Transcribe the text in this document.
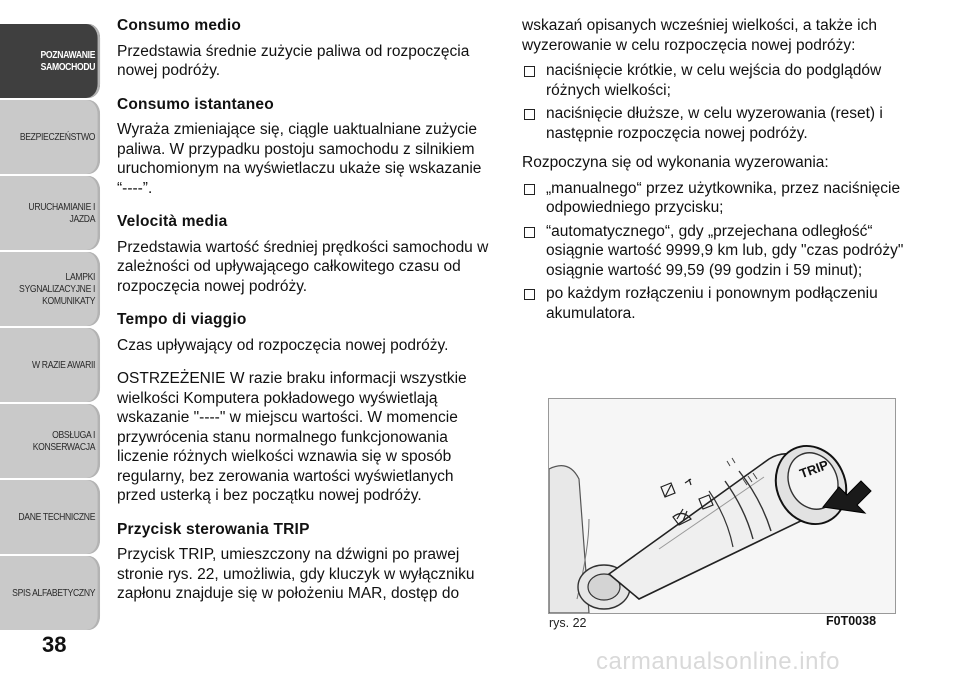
POZNAWANIE
SAMOCHODU
BEZPIECZEŃSTWO
URUCHAMIANIE I
JAZDA
LAMPKI
SYGNALIZACYJNE I
KOMUNIKATY
W RAZIE AWARII
OBSŁUGA I
KONSERWACJA
DANE TECHNICZNE
SPIS ALFABETYCZNY
38
Consumo medio
Przedstawia średnie zużycie paliwa od rozpoczęcia nowej podróży.
Consumo istantaneo
Wyraża zmieniające się, ciągle uaktualniane zużycie paliwa. W przypadku postoju samochodu z silnikiem uruchomionym na wyświetlaczu ukaże się wskazanie “----”.
Velocità media
Przedstawia wartość średniej prędkości samochodu w zależności od upływającego całkowitego czasu od rozpoczęcia nowej podróży.
Tempo di viaggio
Czas upływający od rozpoczęcia nowej podróży.
OSTRZEŻENIE W razie braku informacji wszystkie wielkości Komputera pokładowego wyświetlają wskazanie "----" w miejscu wartości. W momencie przywrócenia stanu normalnego funkcjonowania liczenie różnych wielkości wznawia się w sposób regularny, bez zerowania wartości wyświetlanych przed usterką i bez początku nowej podróży.
Przycisk sterowania TRIP
Przycisk TRIP, umieszczony na dźwigni po prawej stronie rys. 22, umożliwia, gdy kluczyk w wyłączniku zapłonu znajduje się w położeniu MAR, dostęp do
wskazań opisanych wcześniej wielkości, a także ich wyzerowanie w celu rozpoczęcia nowej podróży:
naciśnięcie krótkie, w celu wejścia do podglądów różnych wielkości;
naciśnięcie dłuższe, w celu wyzerowania (reset) i następnie rozpoczęcia nowej podróży.
Rozpoczyna się od wykonania wyzerowania:
„manualnego“ przez użytkownika, przez naciśnięcie odpowiedniego przycisku;
“automatycznego“, gdy „przejechana odległość“ osiągnie wartość 9999,9 km lub, gdy "czas podróży" osiągnie wartość 99,59 (99 godzin i 59 minut);
po każdym rozłączeniu i ponownym podłączeniu akumulatora.
TRIP
rys. 22	F0T0038
carmanualsonline.info
